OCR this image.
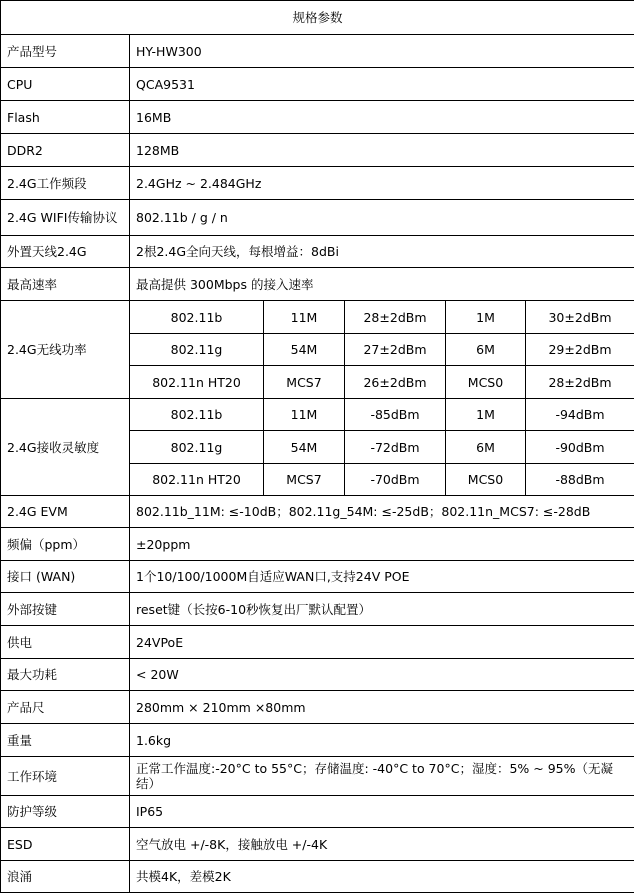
规格参数					
产品型号	HY-HW300				
CPU	QCA9531				
Flash	16MB				
DDR2	128MB				
2.4G工作频段	2.4GHz ~ 2.484GHz				
2.4G WIFI传输协议	802.11b / g / n				
外置天线2.4G	2根2.4G全向天线，每根增益：8dBi				
最高速率	最高提供 300Mbps 的接入速率				
2.4G无线功率	802.11b	11M	28±2dBm	1M	30±2dBm
	802.11g	54M	27±2dBm	6M	29±2dBm
	802.11n HT20	MCS7	26±2dBm	MCS0	28±2dBm
2.4G接收灵敏度	802.11b	11M	-85dBm	1M	-94dBm
	802.11g	54M	-72dBm	6M	-90dBm
	802.11n HT20	MCS7	-70dBm	MCS0	-88dBm
2.4G EVM	802.11b_11M: ≤-10dB；802.11g_54M: ≤-25dB；802.11n_MCS7: ≤-28dB				
频偏（ppm）	±20ppm				
接口 (WAN)	1个10/100/1000M自适应WAN口,支持24V POE				
外部按键	reset键（长按6-10秒恢复出厂默认配置）				
供电	24VPoE				
最大功耗	< 20W				
产品尺	280mm × 210mm ×80mm				
重量	1.6kg				
工作环境	正常工作温度:-20°C to 55°C；存储温度: -40°C to 70°C；湿度：5% ~ 95%（无凝结）				
防护等级	IP65				
ESD	空气放电 +/-8K，接触放电 +/-4K				
浪涌	共模4K，差模2K				
